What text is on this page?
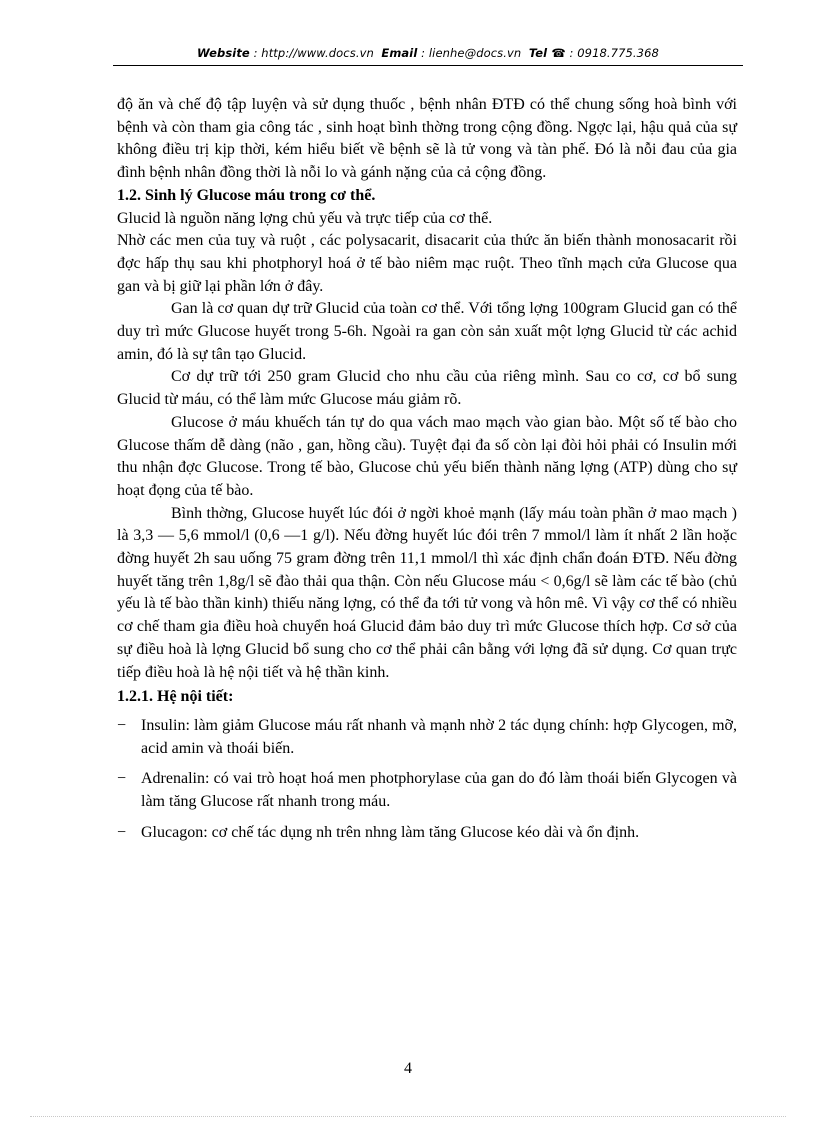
Website : http://www.docs.vn Email : lienhe@docs.vn Tel ☎ : 0918.775.368

độ ăn và chế độ tập luyện và sử dụng thuốc , bệnh nhân ĐTĐ có thể chung sống hoà bình với bệnh và còn tham gia công tác , sinh hoạt bình thờng trong cộng đồng. Ngợc lại, hậu quả của sự không điều trị kịp thời, kém hiểu biết về bệnh sẽ là tử vong và tàn phế. Đó là nỗi đau của gia đình bệnh nhân đồng thời là nỗi lo và gánh nặng của cả cộng đồng.

1.2. Sinh lý Glucose máu trong cơ thể.

Glucid là nguồn năng lợng chủ yếu và trực tiếp của cơ thể.

Nhờ các men của tuỵ và ruột , các polysacarit, disacarit của thức ăn biến thành monosacarit rồi đợc hấp thụ sau khi photphoryl hoá ở tế bào niêm mạc ruột. Theo tĩnh mạch cửa Glucose qua gan và bị giữ lại phần lớn ở đây.

Gan là cơ quan dự trữ Glucid của toàn cơ thể. Với tổng lợng 100gram Glucid gan có thể duy trì mức Glucose huyết trong 5-6h. Ngoài ra gan còn sản xuất một lợng Glucid từ các achid amin, đó là sự tân tạo Glucid.

Cơ dự trữ tới 250 gram Glucid cho nhu cầu của riêng mình. Sau co cơ, cơ bổ sung Glucid từ máu, có thể làm mức Glucose máu giảm rõ.

Glucose ở máu khuếch tán tự do qua vách mao mạch vào gian bào. Một số tế bào cho Glucose thấm dễ dàng (não , gan, hồng cầu). Tuyệt đại đa số còn lại đòi hỏi phải có Insulin mới thu nhận đợc Glucose. Trong tế bào, Glucose chủ yếu biến thành năng lợng (ATP) dùng cho sự hoạt đọng của tế bào.

Bình thờng, Glucose huyết lúc đói ở ngời khoẻ mạnh (lấy máu toàn phần ở mao mạch ) là 3,3 — 5,6 mmol/l (0,6 —1 g/l). Nếu đờng huyết lúc đói trên 7 mmol/l làm ít nhất 2 lần hoặc đờng huyết 2h sau uống 75 gram đờng trên 11,1 mmol/l thì xác định chẩn đoán ĐTĐ. Nếu đờng huyết tăng trên 1,8g/l sẽ đào thải qua thận. Còn nếu Glucose máu < 0,6g/l sẽ làm các tế bào (chủ yếu là tế bào thần kinh) thiếu năng lợng, có thể đa tới tử vong và hôn mê. Vì vậy cơ thể có nhiều cơ chế tham gia điều hoà chuyển hoá Glucid đảm bảo duy trì mức Glucose thích hợp. Cơ sở của sự điều hoà là lợng Glucid bổ sung cho cơ thể phải cân bằng với lợng đã sử dụng. Cơ quan trực tiếp điều hoà là hệ nội tiết và hệ thần kinh.

1.2.1. Hệ nội tiết:

− Insulin: làm giảm Glucose máu rất nhanh và mạnh nhờ 2 tác dụng chính: hợp Glycogen, mỡ, acid amin và thoái biến.
− Adrenalin: có vai trò hoạt hoá men photphorylase của gan do đó làm thoái biến Glycogen và làm tăng Glucose rất nhanh trong máu.
− Glucagon: cơ chế tác dụng nh trên nhng làm tăng Glucose kéo dài và ổn định.
4
